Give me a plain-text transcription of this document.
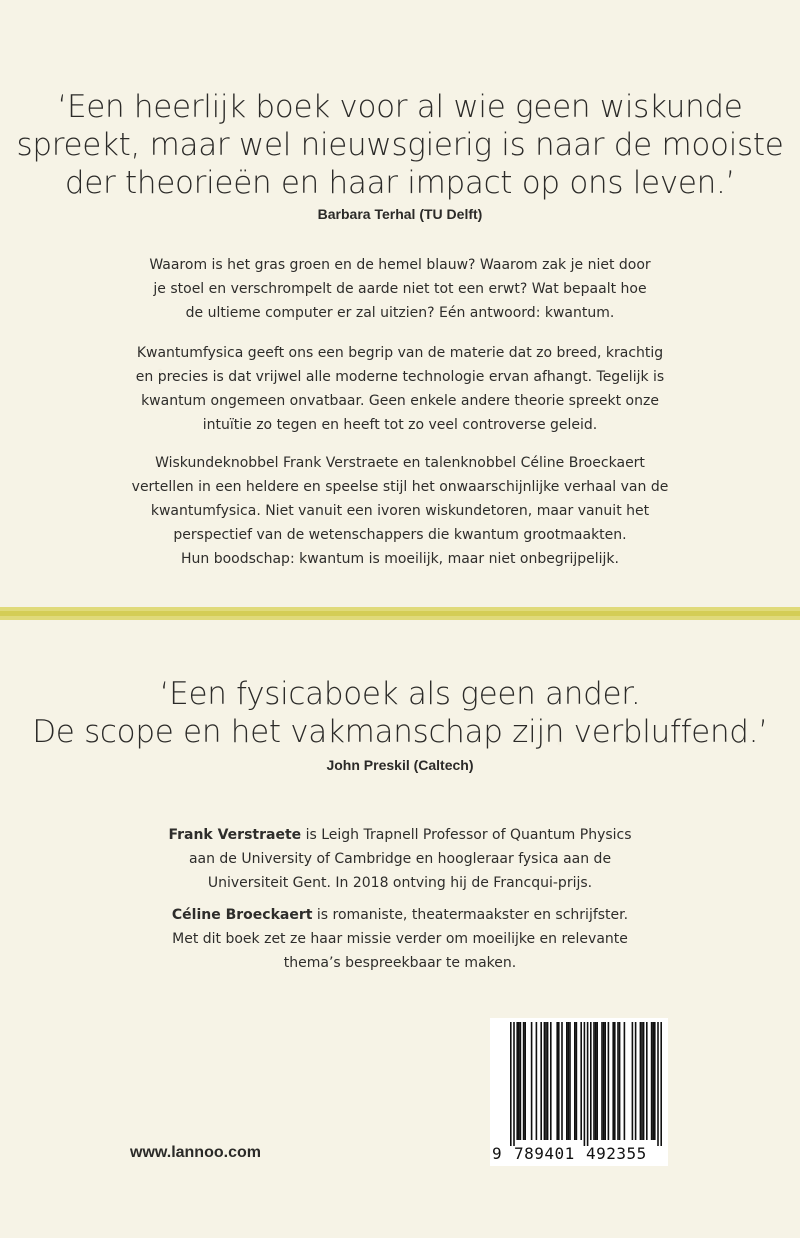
‘Een heerlijk boek voor al wie geen wiskunde
spreekt, maar wel nieuwsgierig is naar de mooiste
der theorieën en haar impact op ons leven.’
Barbara Terhal (TU Delft)
Waarom is het gras groen en de hemel blauw? Waarom zak je niet door
je stoel en verschrompelt de aarde niet tot een erwt? Wat bepaalt hoe
de ultieme computer er zal uitzien? Eén antwoord: kwantum.
Kwantumfysica geeft ons een begrip van de materie dat zo breed, krachtig
en precies is dat vrijwel alle moderne technologie ervan afhangt. Tegelijk is
kwantum ongemeen onvatbaar. Geen enkele andere theorie spreekt onze
intuïtie zo tegen en heeft tot zo veel controverse geleid.
Wiskundeknobbel Frank Verstraete en talenknobbel Céline Broeckaert
vertellen in een heldere en speelse stijl het onwaarschijnlijke verhaal van de
kwantumfysica. Niet vanuit een ivoren wiskundetoren, maar vanuit het
perspectief van de wetenschappers die kwantum grootmaakten.
Hun boodschap: kwantum is moeilijk, maar niet onbegrijpelijk.
‘Een fysicaboek als geen ander.
De scope en het vakmanschap zijn verbluffend.’
John Preskil (Caltech)
Frank Verstraete is Leigh Trapnell Professor of Quantum Physics
aan de University of Cambridge en hoogleraar fysica aan de
Universiteit Gent. In 2018 ontving hij de Francqui-prijs.
Céline Broeckaert is romaniste, theatermaakster en schrijfster.
Met dit boek zet ze haar missie verder om moeilijke en relevante
thema’s bespreekbaar te maken.
www.lannoo.com	9 789401 492355
